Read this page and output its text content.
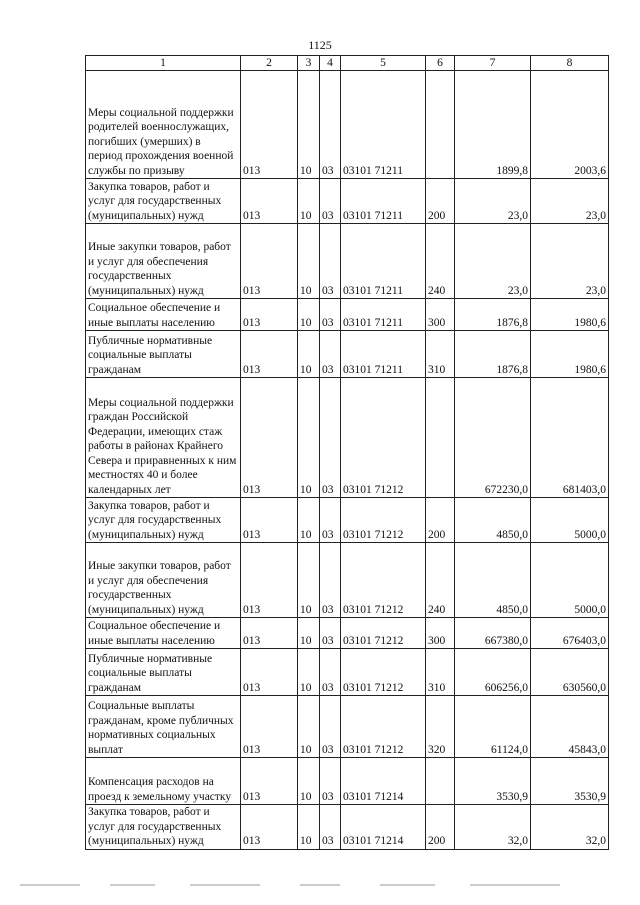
1125
1	2	3	4	5	6	7	8
Меры социальной поддержки родителей военнослужащих, погибших (умерших) в период прохождения военной службы по призыву	013	10	03	03101 71211		1899,8	2003,6
Закупка товаров, работ и услуг для государственных (муниципальных) нужд	013	10	03	03101 71211	200	23,0	23,0
Иные закупки товаров, работ и услуг для обеспечения государственных (муниципальных) нужд	013	10	03	03101 71211	240	23,0	23,0
Социальное обеспечение и иные выплаты населению	013	10	03	03101 71211	300	1876,8	1980,6
Публичные нормативные социальные выплаты гражданам	013	10	03	03101 71211	310	1876,8	1980,6
Меры социальной поддержки граждан Российской Федерации, имеющих стаж работы в районах Крайнего Севера и приравненных к ним местностях 40 и более календарных лет	013	10	03	03101 71212		672230,0	681403,0
Закупка товаров, работ и услуг для государственных (муниципальных) нужд	013	10	03	03101 71212	200	4850,0	5000,0
Иные закупки товаров, работ и услуг для обеспечения государственных (муниципальных) нужд	013	10	03	03101 71212	240	4850,0	5000,0
Социальное обеспечение и иные выплаты населению	013	10	03	03101 71212	300	667380,0	676403,0
Публичные нормативные социальные выплаты гражданам	013	10	03	03101 71212	310	606256,0	630560,0
Социальные выплаты гражданам, кроме публичных нормативных социальных выплат	013	10	03	03101 71212	320	61124,0	45843,0
Компенсация расходов на проезд к земельному участку	013	10	03	03101 71214		3530,9	3530,9
Закупка товаров, работ и услуг для государственных (муниципальных) нужд	013	10	03	03101 71214	200	32,0	32,0
